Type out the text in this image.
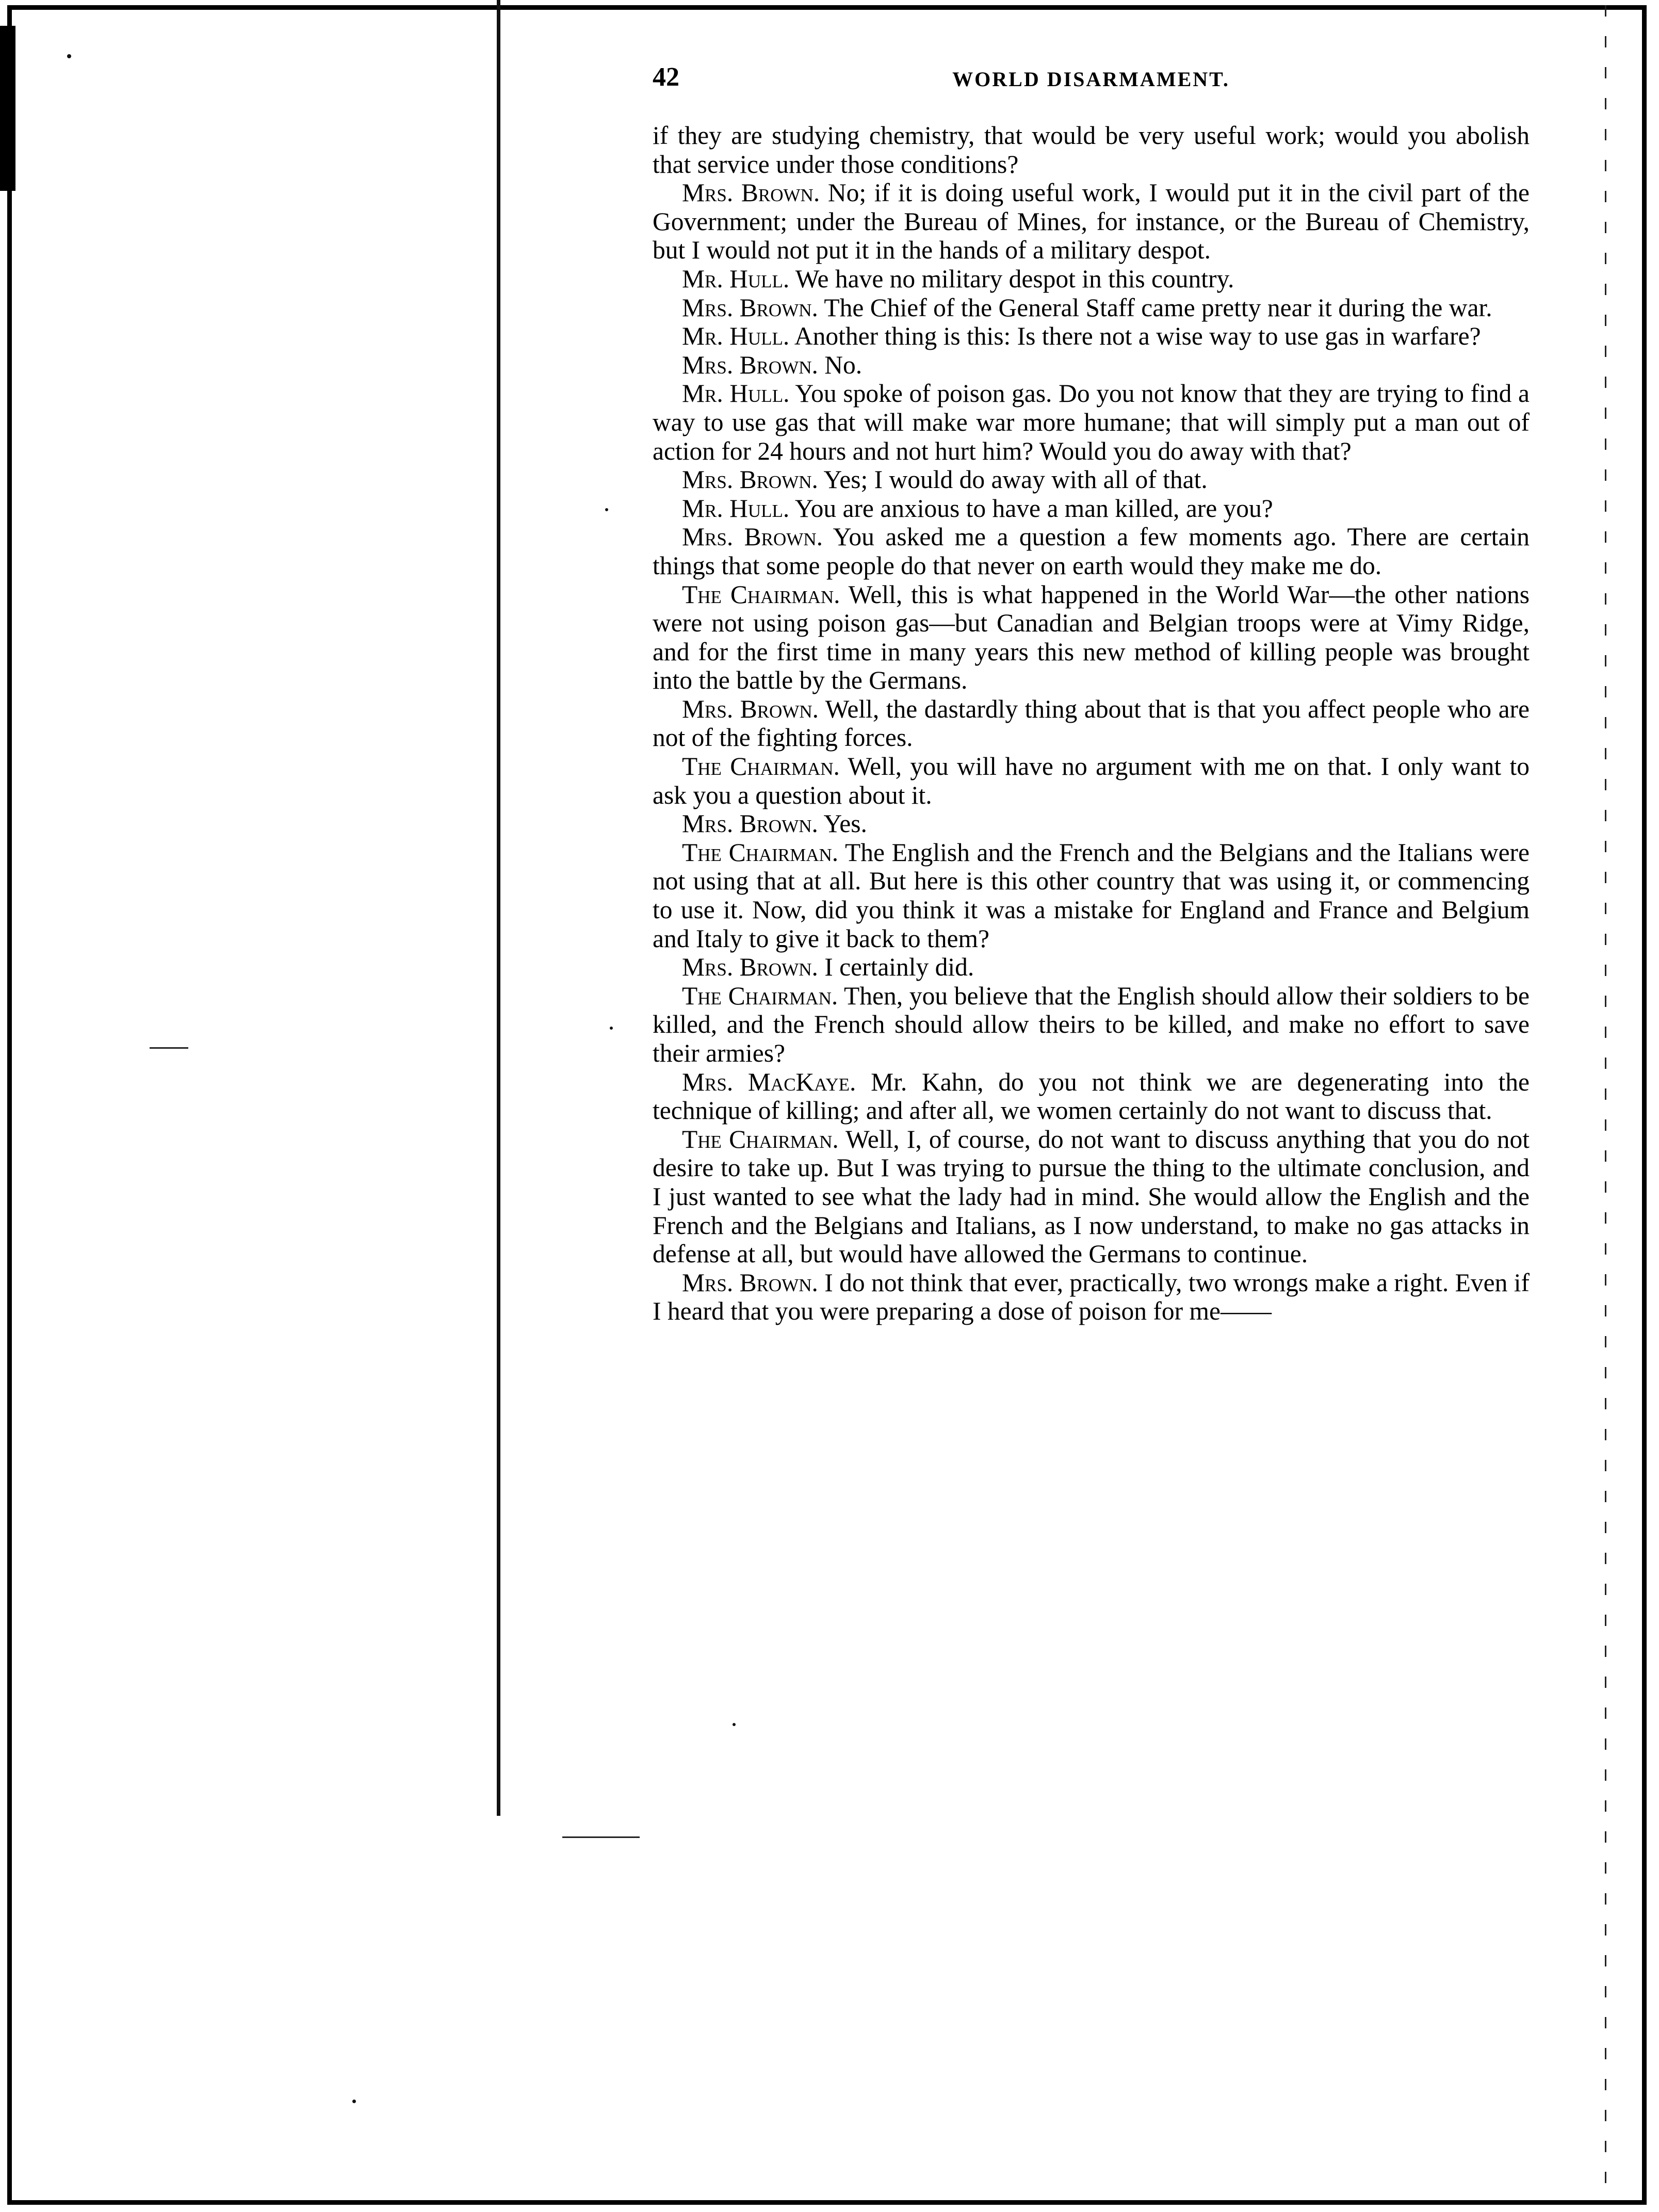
42	WORLD DISARMAMENT.

if they are studying chemistry, that would be very useful work; would you abolish that service under those conditions?

Mrs. Brown. No; if it is doing useful work, I would put it in the civil part of the Government; under the Bureau of Mines, for instance, or the Bureau of Chemistry, but I would not put it in the hands of a military despot.

Mr. Hull. We have no military despot in this country.

Mrs. Brown. The Chief of the General Staff came pretty near it during the war.

Mr. Hull. Another thing is this: Is there not a wise way to use gas in warfare?

Mrs. Brown. No.

Mr. Hull. You spoke of poison gas. Do you not know that they are trying to find a way to use gas that will make war more humane; that will simply put a man out of action for 24 hours and not hurt him? Would you do away with that?

Mrs. Brown. Yes; I would do away with all of that.

Mr. Hull. You are anxious to have a man killed, are you?

Mrs. Brown. You asked me a question a few moments ago. There are certain things that some people do that never on earth would they make me do.

The Chairman. Well, this is what happened in the World War—the other nations were not using poison gas—but Canadian and Belgian troops were at Vimy Ridge, and for the first time in many years this new method of killing people was brought into the battle by the Germans.

Mrs. Brown. Well, the dastardly thing about that is that you affect people who are not of the fighting forces.

The Chairman. Well, you will have no argument with me on that. I only want to ask you a question about it.

Mrs. Brown. Yes.

The Chairman. The English and the French and the Belgians and the Italians were not using that at all. But here is this other country that was using it, or commencing to use it. Now, did you think it was a mistake for England and France and Belgium and Italy to give it back to them?

Mrs. Brown. I certainly did.

The Chairman. Then, you believe that the English should allow their soldiers to be killed, and the French should allow theirs to be killed, and make no effort to save their armies?

Mrs. MacKaye. Mr. Kahn, do you not think we are degenerating into the technique of killing; and after all, we women certainly do not want to discuss that.

The Chairman. Well, I, of course, do not want to discuss anything that you do not desire to take up. But I was trying to pursue the thing to the ultimate conclusion, and I just wanted to see what the lady had in mind. She would allow the English and the French and the Belgians and Italians, as I now understand, to make no gas attacks in defense at all, but would have allowed the Germans to continue.

Mrs. Brown. I do not think that ever, practically, two wrongs make a right. Even if I heard that you were preparing a dose of poison for me——
